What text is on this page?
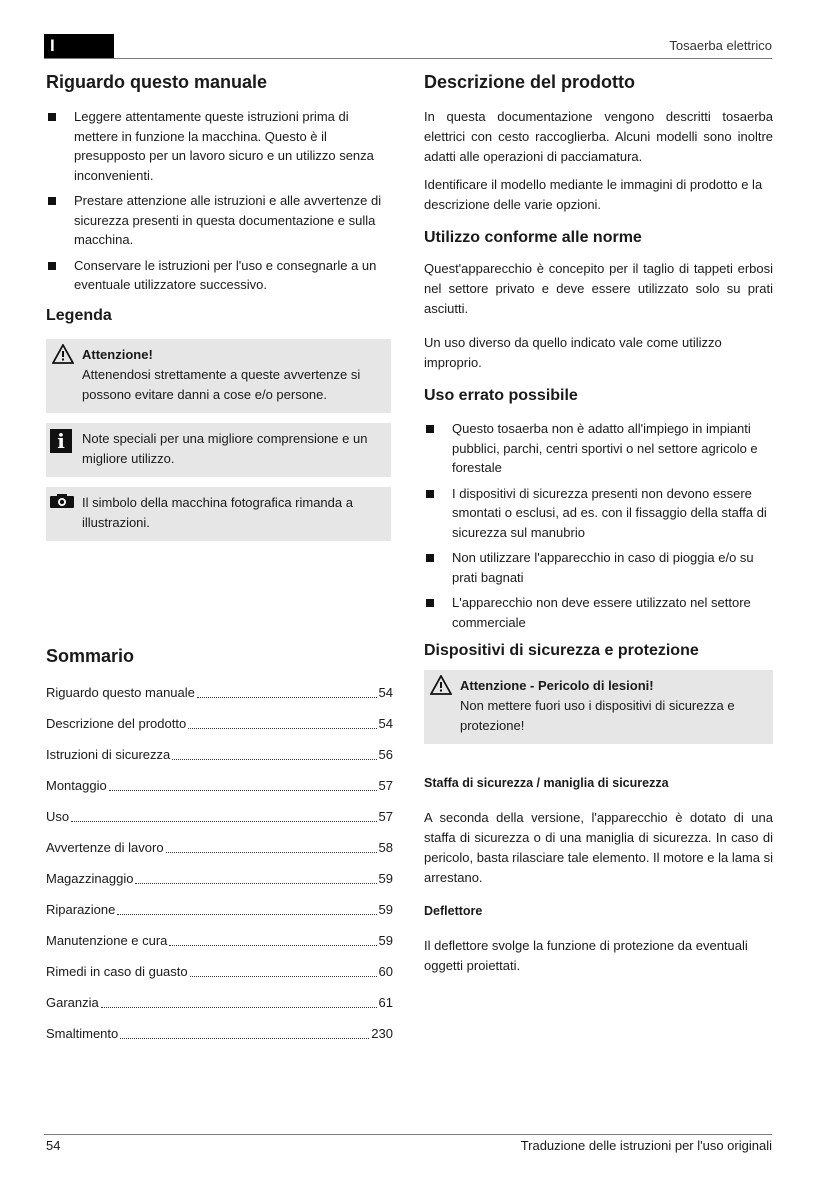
I	Tosaerba elettrico
Riguardo questo manuale
Leggere attentamente queste istruzioni prima di mettere in funzione la macchina. Questo è il presupposto per un lavoro sicuro e un utilizzo senza inconvenienti.
Prestare attenzione alle istruzioni e alle avvertenze di sicurezza presenti in questa documentazione e sulla macchina.
Conservare le istruzioni per l'uso e consegnarle a un eventuale utilizzatore successivo.
Legenda
Attenzione!
Attenendosi strettamente a queste avvertenze si possono evitare danni a cose e/o persone.
i	Note speciali per una migliore comprensione e un migliore utilizzo.
Il simbolo della macchina fotografica rimanda a illustrazioni.
Sommario
Riguardo questo manuale	54
Descrizione del prodotto	54
Istruzioni di sicurezza	56
Montaggio	57
Uso	57
Avvertenze di lavoro	58
Magazzinaggio	59
Riparazione	59
Manutenzione e cura	59
Rimedi in caso di guasto	60
Garanzia	61
Smaltimento	230
Descrizione del prodotto

In questa documentazione vengono descritti tosaerba elettrici con cesto raccoglierba. Alcuni modelli sono inoltre adatti alle operazioni di pacciamatura.

Identificare il modello mediante le immagini di prodotto e la descrizione delle varie opzioni.

Utilizzo conforme alle norme

Quest'apparecchio è concepito per il taglio di tappeti erbosi nel settore privato e deve essere utilizzato solo su prati asciutti.

Un uso diverso da quello indicato vale come utilizzo improprio.

Uso errato possibile
Questo tosaerba non è adatto all'impiego in impianti pubblici, parchi, centri sportivi o nel settore agricolo e forestale
I dispositivi di sicurezza presenti non devono essere smontati o esclusi, ad es. con il fissaggio della staffa di sicurezza sul manubrio
Non utilizzare l'apparecchio in caso di pioggia e/o su prati bagnati
L'apparecchio non deve essere utilizzato nel settore commerciale
Dispositivi di sicurezza e protezione
Attenzione - Pericolo di lesioni!
Non mettere fuori uso i dispositivi di sicurezza e protezione!
Staffa di sicurezza / maniglia di sicurezza

A seconda della versione, l'apparecchio è dotato di una staffa di sicurezza o di una maniglia di sicurezza. In caso di pericolo, basta rilasciare tale elemento. Il motore e la lama si arrestano.

Deflettore

Il deflettore svolge la funzione di protezione da eventuali oggetti proiettati.

54	Traduzione delle istruzioni per l'uso originali
